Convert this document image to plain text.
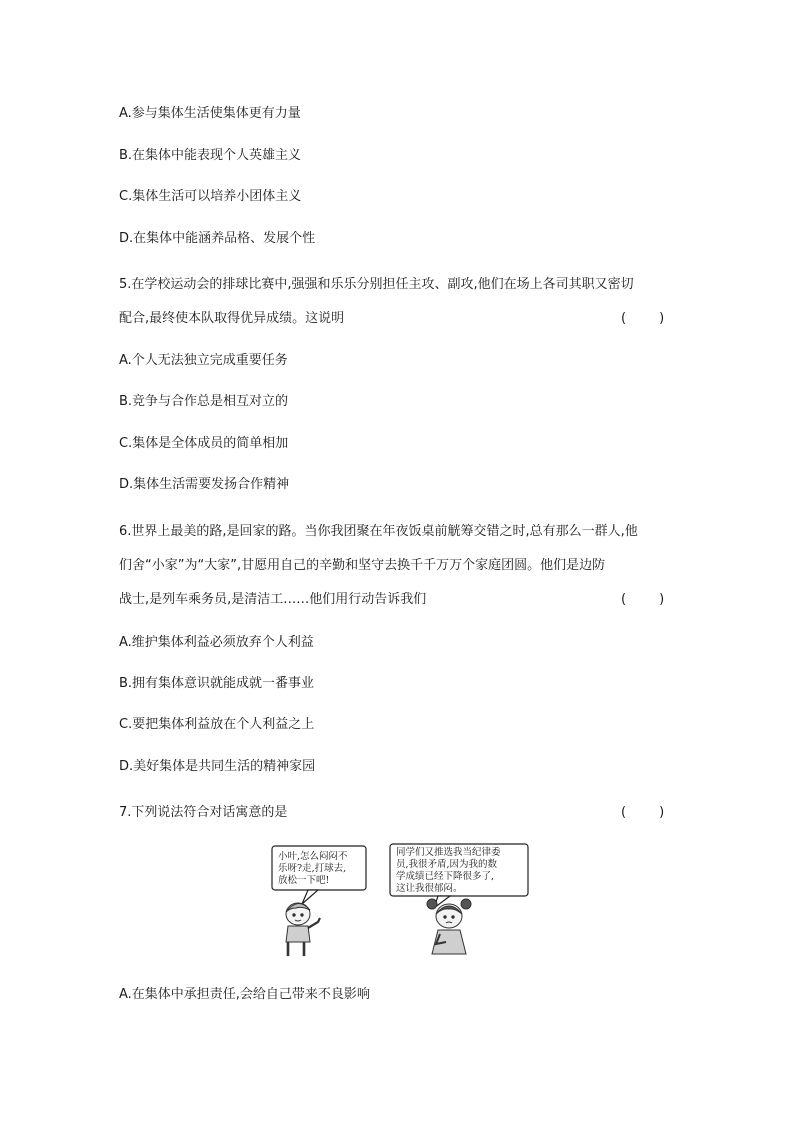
A.参与集体生活使集体更有力量
B.在集体中能表现个人英雄主义
C.集体生活可以培养小团体主义
D.在集体中能涵养品格、发展个性
5.在学校运动会的排球比赛中,强强和乐乐分别担任主攻、副攻,他们在场上各司其职又密切
配合,最终使本队取得优异成绩。这说明	(        )
A.个人无法独立完成重要任务
B.竞争与合作总是相互对立的
C.集体是全体成员的简单相加
D.集体生活需要发扬合作精神
6.世界上最美的路,是回家的路。当你我团聚在年夜饭桌前觥筹交错之时,总有那么一群人,他
们舍“小家”为“大家”,甘愿用自己的辛勤和坚守去换千千万万个家庭团圆。他们是边防
战士,是列车乘务员,是清洁工……他们用行动告诉我们	(        )
A.维护集体利益必须放弃个人利益
B.拥有集体意识就能成就一番事业
C.要把集体利益放在个人利益之上
D.美好集体是共同生活的精神家园
7.下列说法符合对话寓意的是	(        )
小叶,怎么闷闷不
乐呀?走,打球去,
放松一下吧!
同学们又推选我当纪律委
员,我很矛盾,因为我的数
学成绩已经下降很多了,
这让我很郁闷。
A.在集体中承担责任,会给自己带来不良影响
